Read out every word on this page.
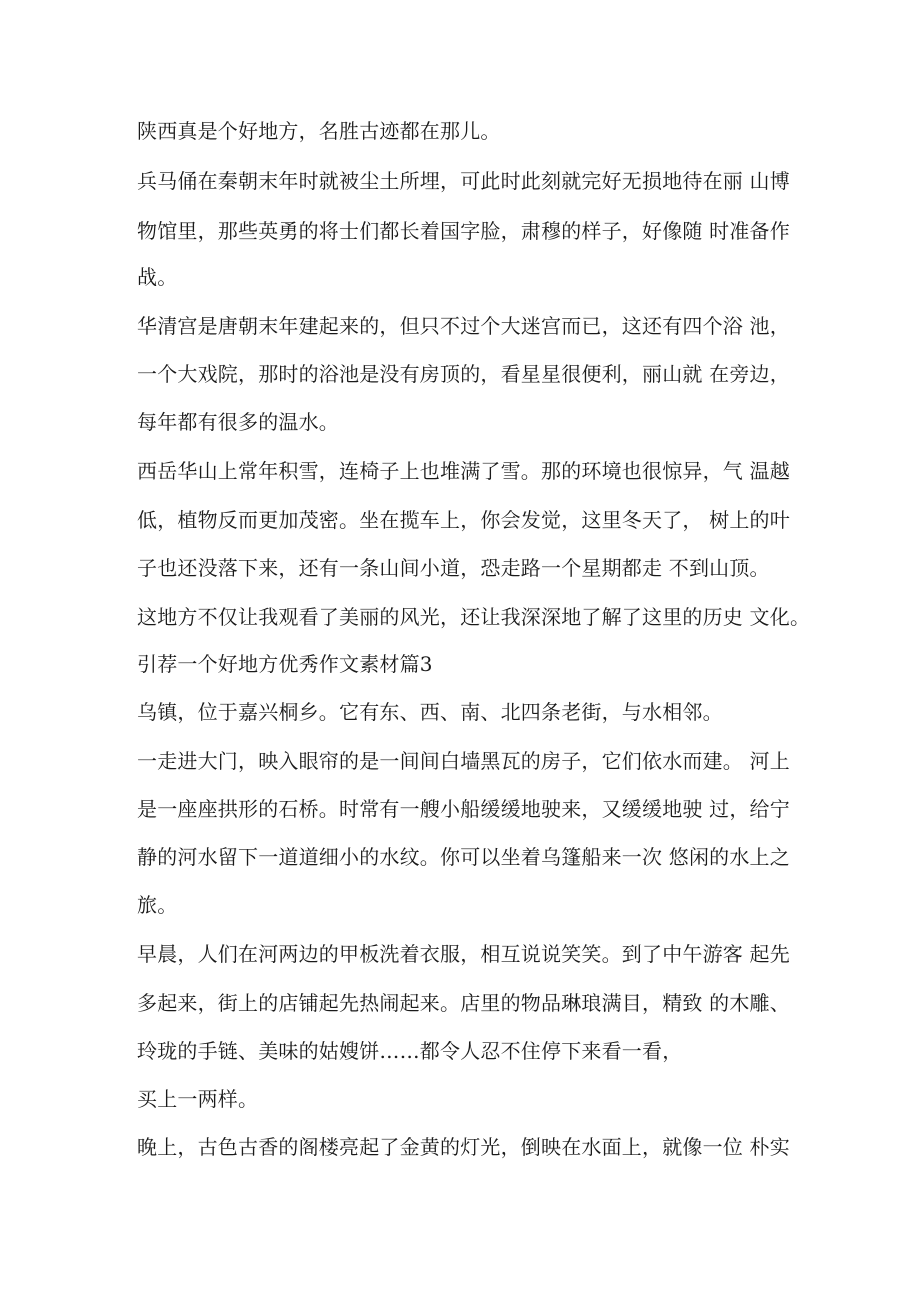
陕西真是个好地方，名胜古迹都在那儿。
兵马俑在秦朝末年时就被尘土所埋，可此时此刻就完好无损地待在丽 山博
物馆里，那些英勇的将士们都长着国字脸，肃穆的样子，好像随 时准备作
战。
华清宫是唐朝末年建起来的，但只不过个大迷宫而已，这还有四个浴 池，
一个大戏院，那时的浴池是没有房顶的，看星星很便利，丽山就 在旁边，
每年都有很多的温水。
西岳华山上常年积雪，连椅子上也堆满了雪。那的环境也很惊异，气 温越
低，植物反而更加茂密。坐在揽车上，你会发觉，这里冬天了， 树上的叶
子也还没落下来，还有一条山间小道，恐走路一个星期都走 不到山顶。
这地方不仅让我观看了美丽的风光，还让我深深地了解了这里的历史 文化。
引荐一个好地方优秀作文素材篇3
乌镇，位于嘉兴桐乡。它有东、西、南、北四条老街，与水相邻。
一走进大门，映入眼帘的是一间间白墙黑瓦的房子，它们依水而建。 河上
是一座座拱形的石桥。时常有一艘小船缓缓地驶来，又缓缓地驶 过，给宁
静的河水留下一道道细小的水纹。你可以坐着乌篷船来一次 悠闲的水上之
旅。
早晨，人们在河两边的甲板洗着衣服，相互说说笑笑。到了中午游客 起先
多起来，街上的店铺起先热闹起来。店里的物品琳琅满目，精致 的木雕、
玲珑的手链、美味的姑嫂饼……都令人忍不住停下来看一看，
买上一两样。
晚上，古色古香的阁楼亮起了金黄的灯光，倒映在水面上，就像一位 朴实
